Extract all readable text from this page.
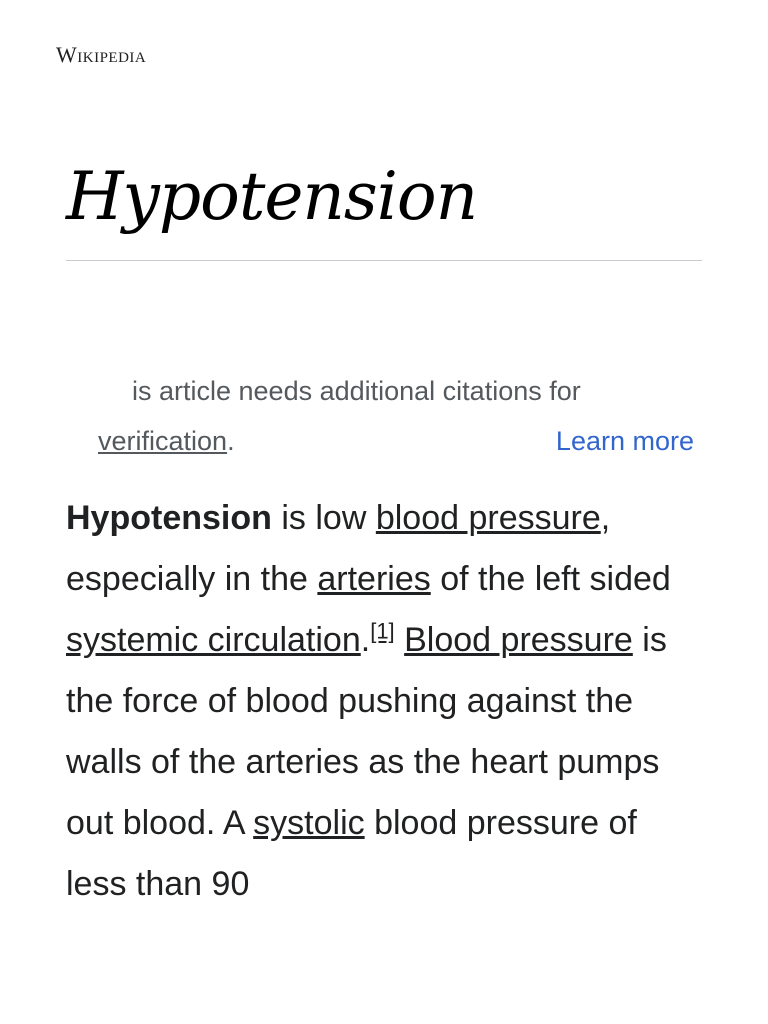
Wikipedia
Hypotension
is article needs additional citations for
verification.	Learn more

Hypotension is low blood pressure, especially in the arteries of the left sided systemic circulation.[1] Blood pressure is the force of blood pushing against the walls of the arteries as the heart pumps out blood. A systolic blood pressure of less than 90
